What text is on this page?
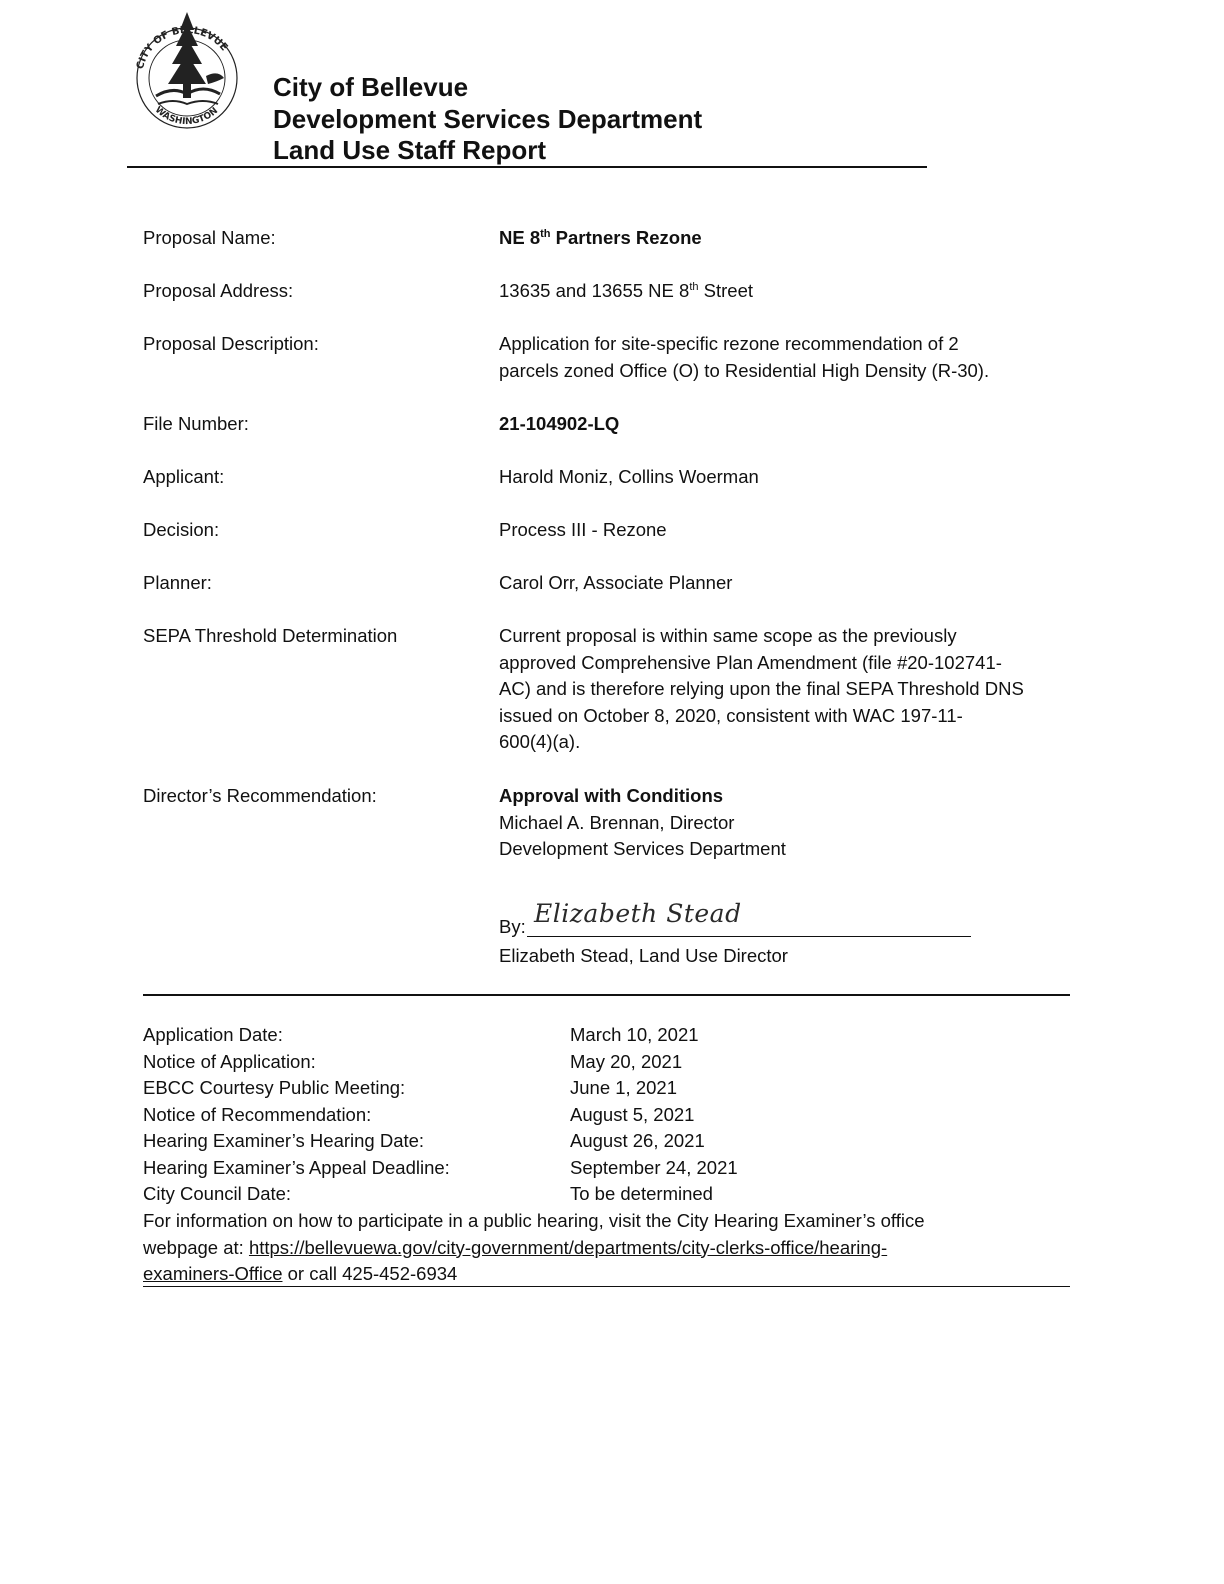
CITY OF BELLEVUE
WASHINGTON
City of Bellevue
Development Services Department
Land Use Staff Report
Proposal Name:	NE 8th Partners Rezone
Proposal Address:	13635 and 13655 NE 8th Street
Proposal Description:	Application for site-specific rezone recommendation of 2
parcels zoned Office (O) to Residential High Density (R-30).
File Number:	21-104902-LQ
Applicant:	Harold Moniz, Collins Woerman
Decision:	Process III - Rezone
Planner:	Carol Orr, Associate Planner
SEPA Threshold Determination	Current proposal is within same scope as the previously
approved Comprehensive Plan Amendment (file #20-102741-
AC) and is therefore relying upon the final SEPA Threshold DNS
issued on October 8, 2020, consistent with WAC 197-11-
600(4)(a).
Director’s Recommendation:	Approval with Conditions
Michael A. Brennan, Director
Development Services Department
By: Elizabeth Stead
Elizabeth Stead, Land Use Director
Application Date:	March 10, 2021
Notice of Application:	May 20, 2021
EBCC Courtesy Public Meeting:	June 1, 2021
Notice of Recommendation:	August 5, 2021
Hearing Examiner’s Hearing Date:	August 26, 2021
Hearing Examiner’s Appeal Deadline:	September 24, 2021
City Council Date:	To be determined
For information on how to participate in a public hearing, visit the City Hearing Examiner’s office
webpage at: https://bellevuewa.gov/city-government/departments/city-clerks-office/hearing-
examiners-Office or call 425-452-6934
